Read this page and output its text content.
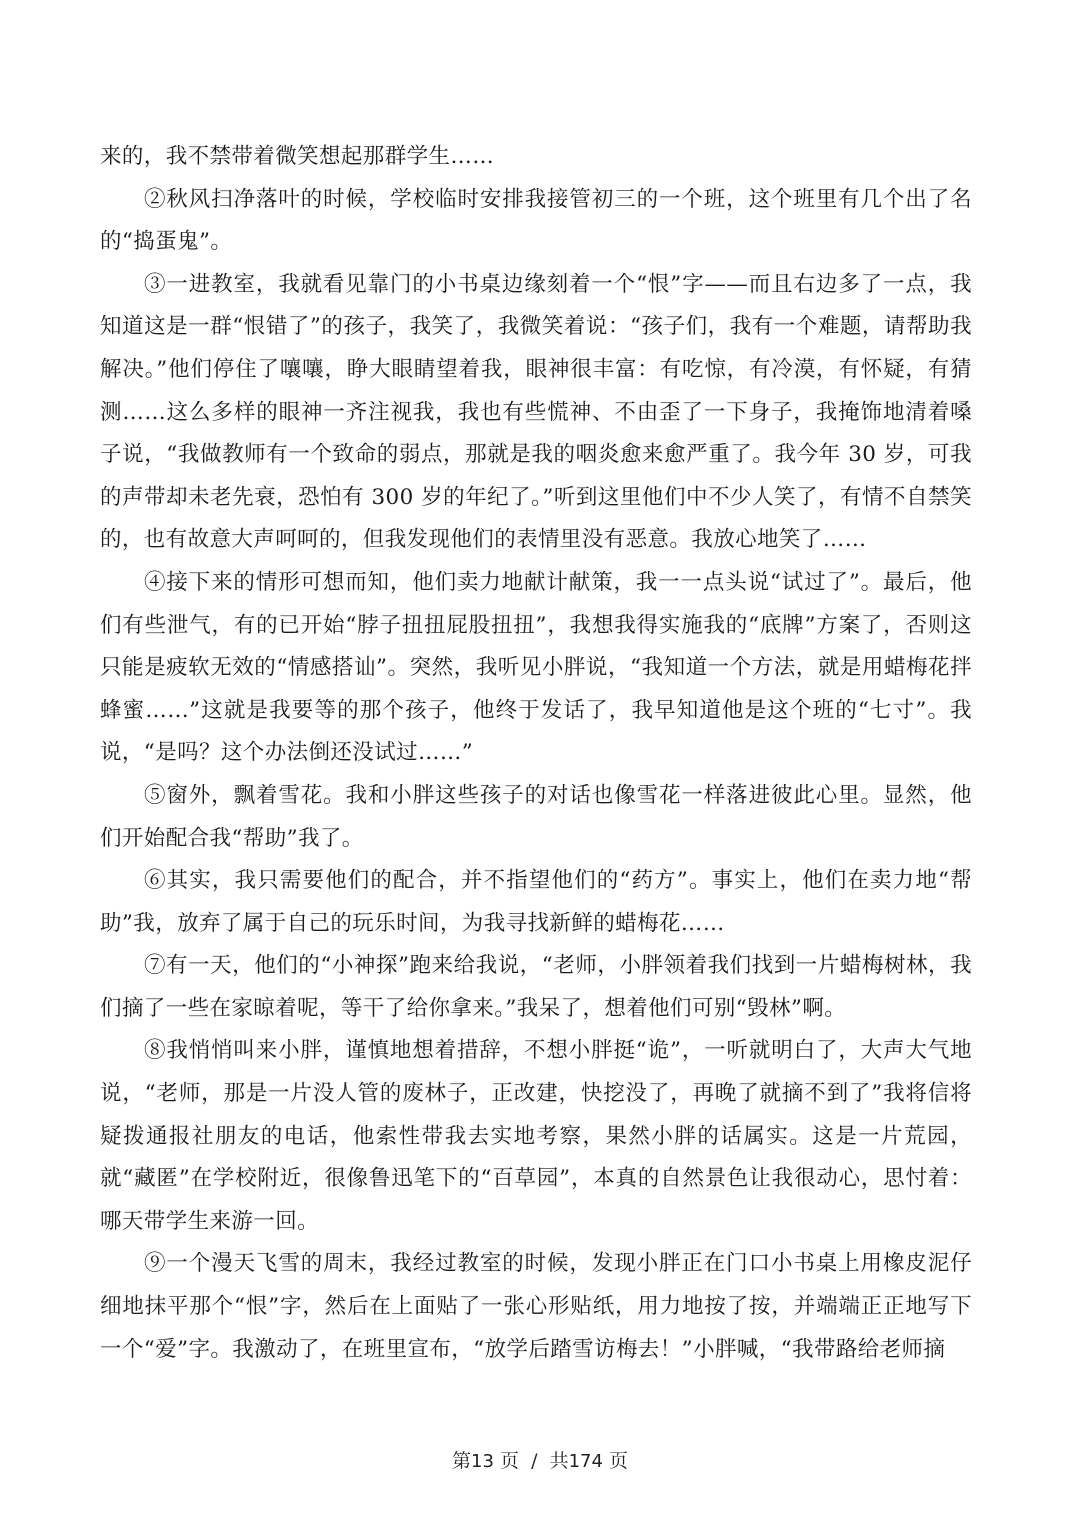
来的，我不禁带着微笑想起那群学生……

②秋风扫净落叶的时候，学校临时安排我接管初三的一个班，这个班里有几个出了名的“捣蛋鬼”。

③一进教室，我就看见靠门的小书桌边缘刻着一个“恨”字——而且右边多了一点，我知道这是一群“恨错了”的孩子，我笑了，我微笑着说：“孩子们，我有一个难题，请帮助我解决。”他们停住了嚷嚷，睁大眼睛望着我，眼神很丰富：有吃惊，有冷漠，有怀疑，有猜测……这么多样的眼神一齐注视我，我也有些慌神、不由歪了一下身子，我掩饰地清着嗓子说，“我做教师有一个致命的弱点，那就是我的咽炎愈来愈严重了。我今年 30 岁，可我的声带却未老先衰，恐怕有 300 岁的年纪了。”听到这里他们中不少人笑了，有情不自禁笑的，也有故意大声呵呵的，但我发现他们的表情里没有恶意。我放心地笑了……

④接下来的情形可想而知，他们卖力地献计献策，我一一点头说“试过了”。最后，他们有些泄气，有的已开始“脖子扭扭屁股扭扭”，我想我得实施我的“底牌”方案了，否则这只能是疲软无效的“情感搭讪”。突然，我听见小胖说，“我知道一个方法，就是用蜡梅花拌蜂蜜……”这就是我要等的那个孩子，他终于发话了，我早知道他是这个班的“七寸”。我说，“是吗？这个办法倒还没试过……”

⑤窗外，飘着雪花。我和小胖这些孩子的对话也像雪花一样落进彼此心里。显然，他们开始配合我“帮助”我了。

⑥其实，我只需要他们的配合，并不指望他们的“药方”。事实上，他们在卖力地“帮助”我，放弃了属于自己的玩乐时间，为我寻找新鲜的蜡梅花……

⑦有一天，他们的“小神探”跑来给我说，“老师，小胖领着我们找到一片蜡梅树林，我们摘了一些在家晾着呢，等干了给你拿来。”我呆了，想着他们可别“毁林”啊。

⑧我悄悄叫来小胖，谨慎地想着措辞，不想小胖挺“诡”，一听就明白了，大声大气地说，“老师，那是一片没人管的废林子，正改建，快挖没了，再晚了就摘不到了”我将信将疑拨通报社朋友的电话，他索性带我去实地考察，果然小胖的话属实。这是一片荒园，就“藏匿”在学校附近，很像鲁迅笔下的“百草园”，本真的自然景色让我很动心，思忖着：哪天带学生来游一回。

⑨一个漫天飞雪的周末，我经过教室的时候，发现小胖正在门口小书桌上用橡皮泥仔细地抹平那个“恨”字，然后在上面贴了一张心形贴纸，用力地按了按，并端端正正地写下一个“爱”字。我激动了，在班里宣布，“放学后踏雪访梅去！”小胖喊，“我带路给老师摘

第13 页 / 共174 页
